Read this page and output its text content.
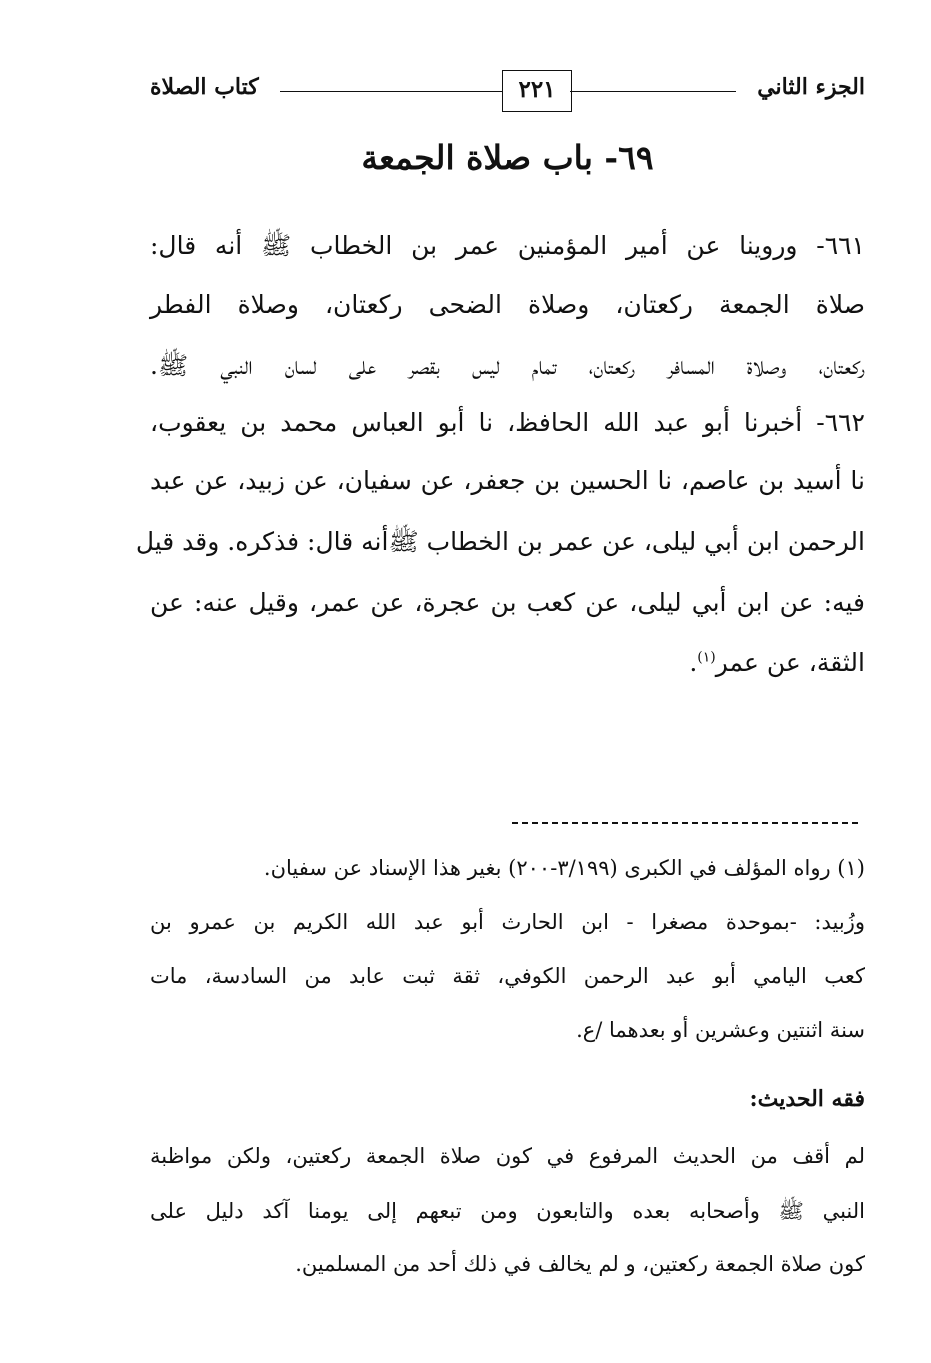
الجزء الثاني
٢٢١
كتاب الصلاة
٦٩- باب صلاة الجمعة
٦٦١- وروينا عن أمير المؤمنين عمر بن الخطاب ﷺ أنه قال:
صلاة الجمعة ركعتان، وصلاة الضحى ركعتان، وصلاة الفطر
ركعتان، وصلاة المسافر ركعتان، تمام ليس بقصر على لسان النبي ﷺ.
٦٦٢- أخبرنا أبو عبد الله الحافظ، نا أبو العباس محمد بن يعقوب،
نا أسيد بن عاصم، نا الحسين بن جعفر، عن سفيان، عن زبيد، عن عبد
الرحمن ابن أبي ليلى، عن عمر بن الخطاب ﷺأنه قال: فذكره. وقد قيل
فيه: عن ابن أبي ليلى، عن كعب بن عجرة، عن عمر، وقيل عنه: عن
الثقة، عن عمر$^{(١)}$.
(١) رواه المؤلف في الكبرى (٣/١٩٩-٢٠٠) بغير هذا الإسناد عن سفيان.
وزُبيد: -بموحدة مصغرا - ابن الحارث أبو عبد الله الكريم بن عمرو بن
كعب اليامي أبو عبد الرحمن الكوفي، ثقة ثبت عابد من السادسة، مات
سنة اثنتين وعشرين أو بعدهما /ع.
فقه الحديث:
لم أقف من الحديث المرفوع في كون صلاة الجمعة ركعتين، ولكن مواظبة
النبي ﷺ وأصحابه بعده والتابعون ومن تبعهم إلى يومنا آكد دليل على
كون صلاة الجمعة ركعتين، و لم يخالف في ذلك أحد من المسلمين.
